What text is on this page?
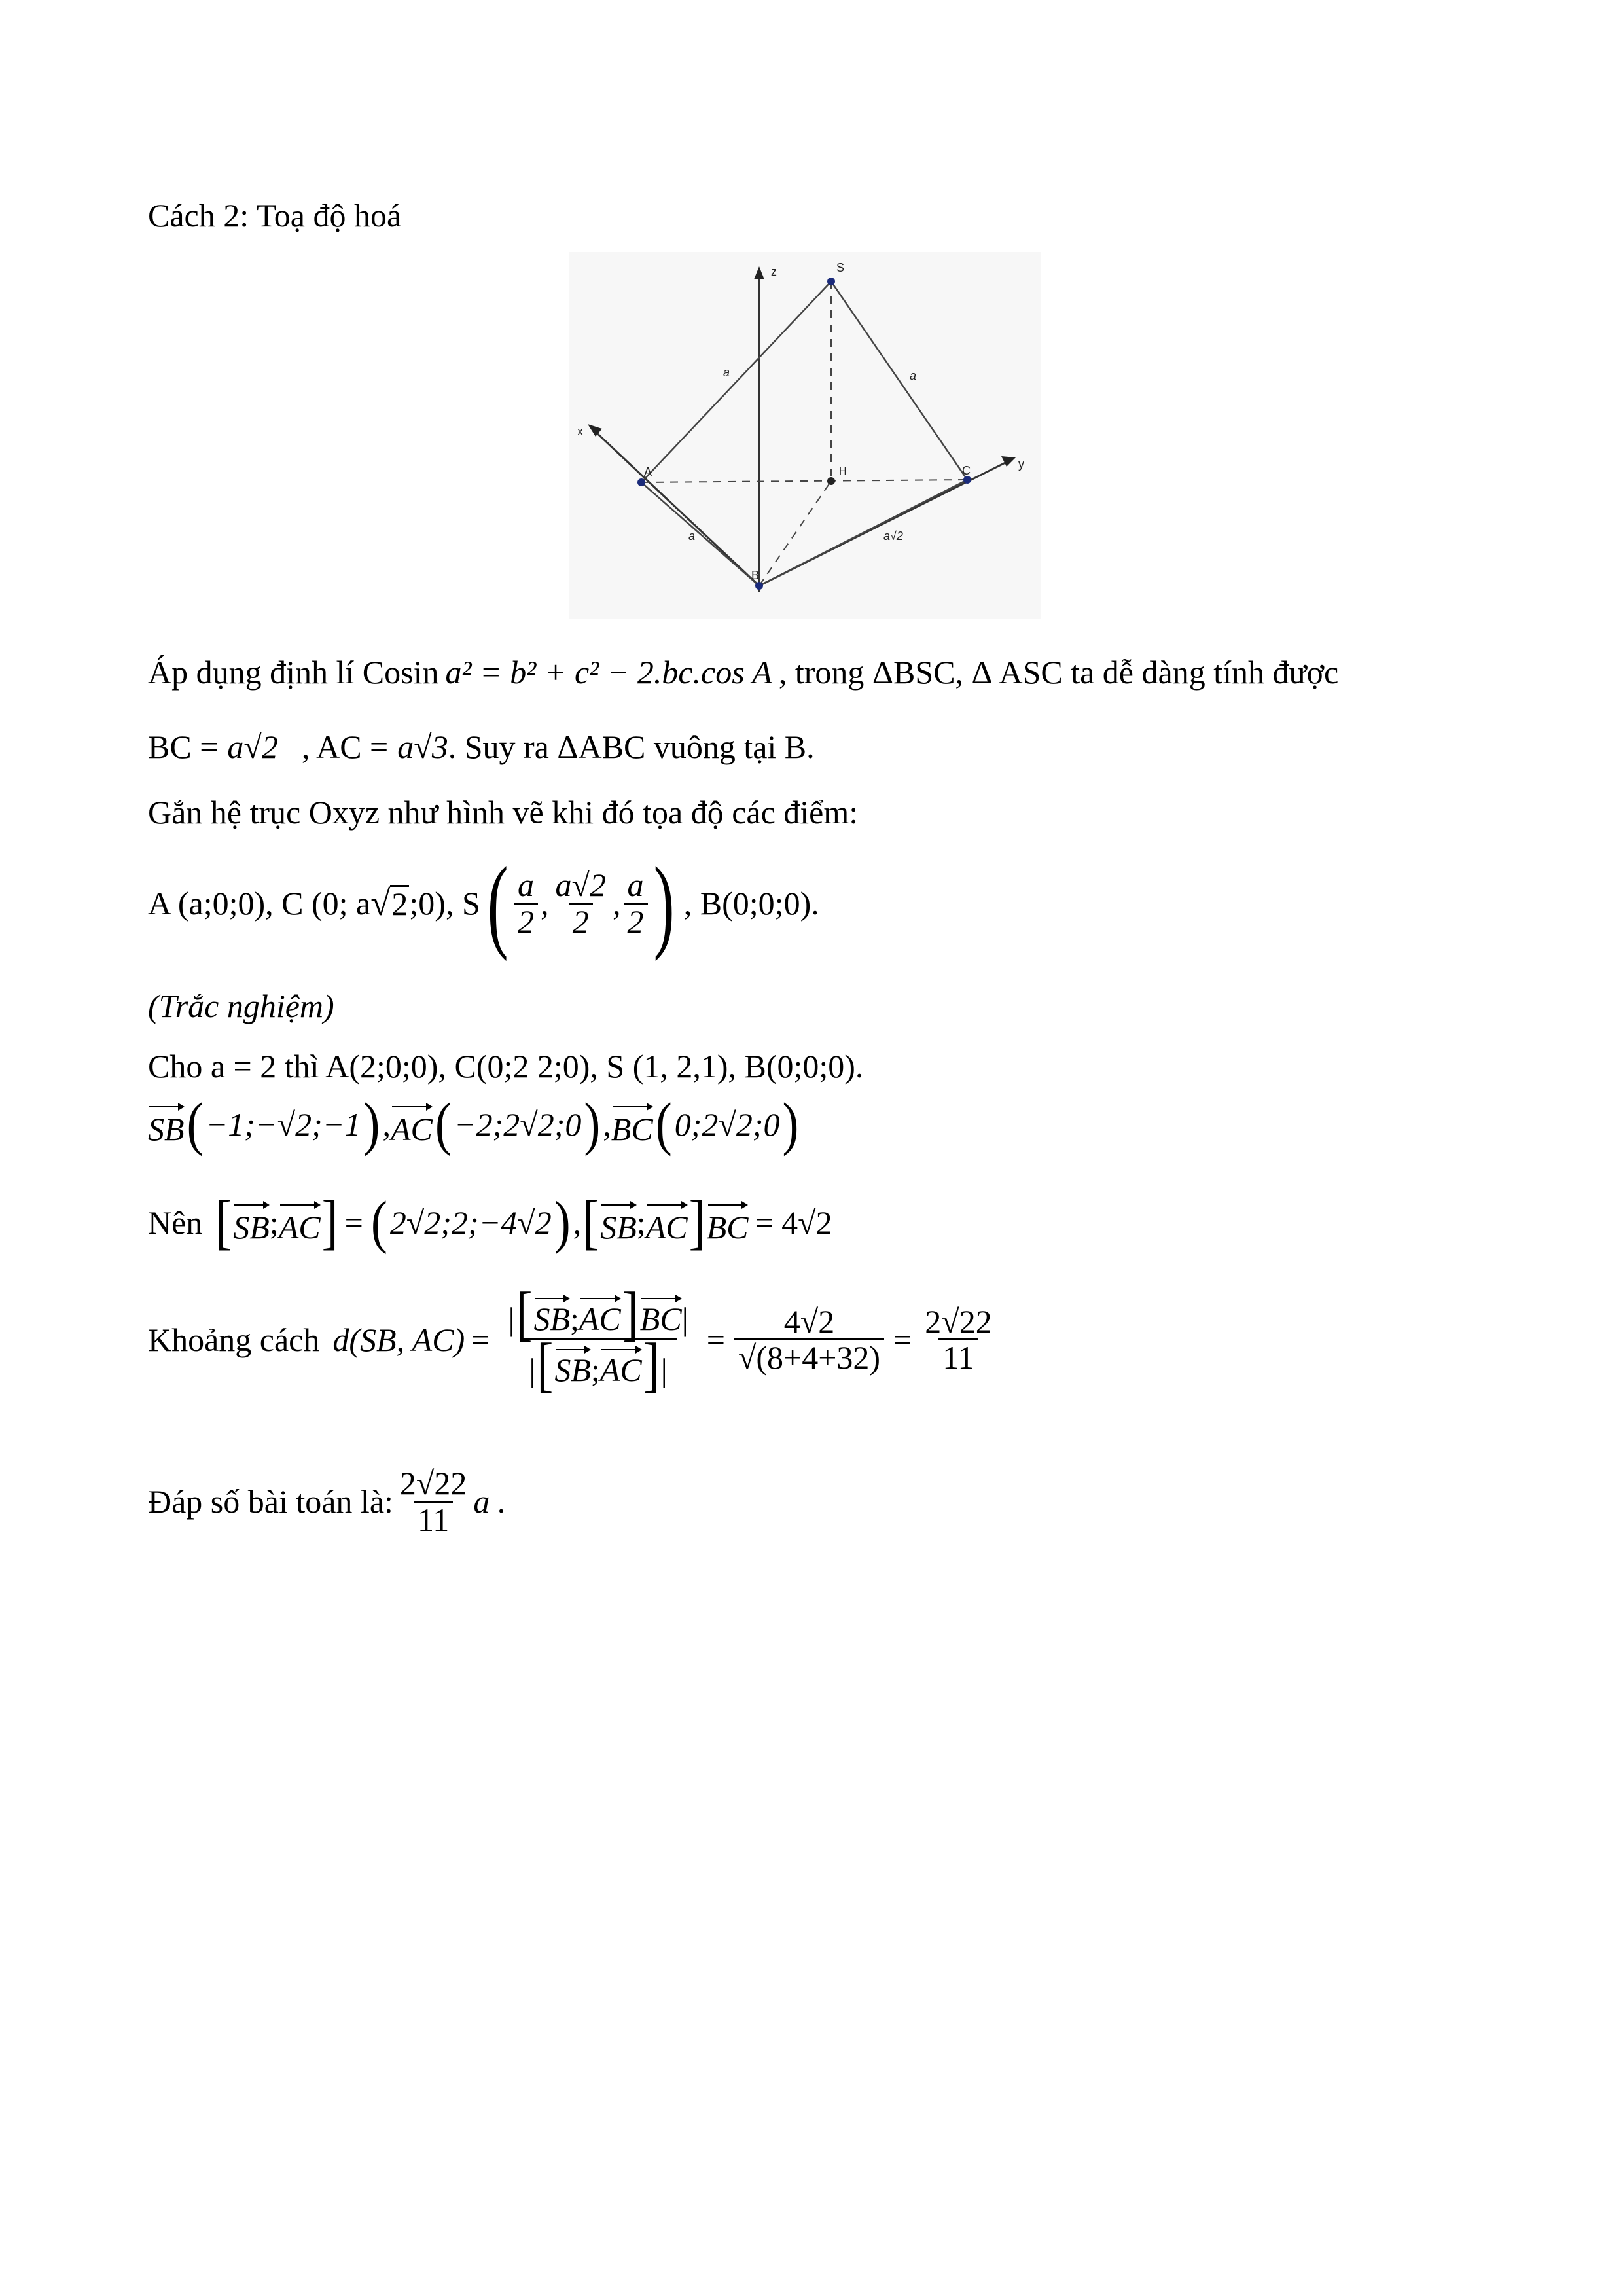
Cách 2: Toạ độ hoá
S
A	C
H
B
x
y
z
a	a
a	a√2
Áp dụng định lí Cosin a² = b² + c² − 2.bc.cos A , trong ΔBSC, Δ ASC ta dễ dàng tính được
BC = a√2 , AC = a√3 . Suy ra ΔABC vuông tại B.
Gắn hệ trục Oxyz như hình vẽ khi đó tọa độ các điểm:
A (a;0;0), C (0; a √ 2 ;0), S ( $\frac{a}{2}$ , $\frac{a√2}{2}$ , $\frac{a}{2}$ ) , B(0;0;0).
(Trắc nghiệm)
Cho a = 2 thì A(2;0;0), C(0;2 2;0), S (1, 2,1), B(0;0;0).
SB ( −1;−√2;−1 ) , AC ( −2;2√2;0 ) , BC ( 0;2√2;0 )
Nên [ SB ; AC ] = ( 2√2;2;−4√2 ) , [ SB ; AC ] BC = 4√2
Khoảng cách d(SB, $AC) = \frac{|[SB;AC]BC|}{|[SB;AC]|} = \frac{4√2}{√(8+4+32)} = \frac{2√22}{11}$
Đáp số bài toán là: $\frac{2√22}{11}$ a .
